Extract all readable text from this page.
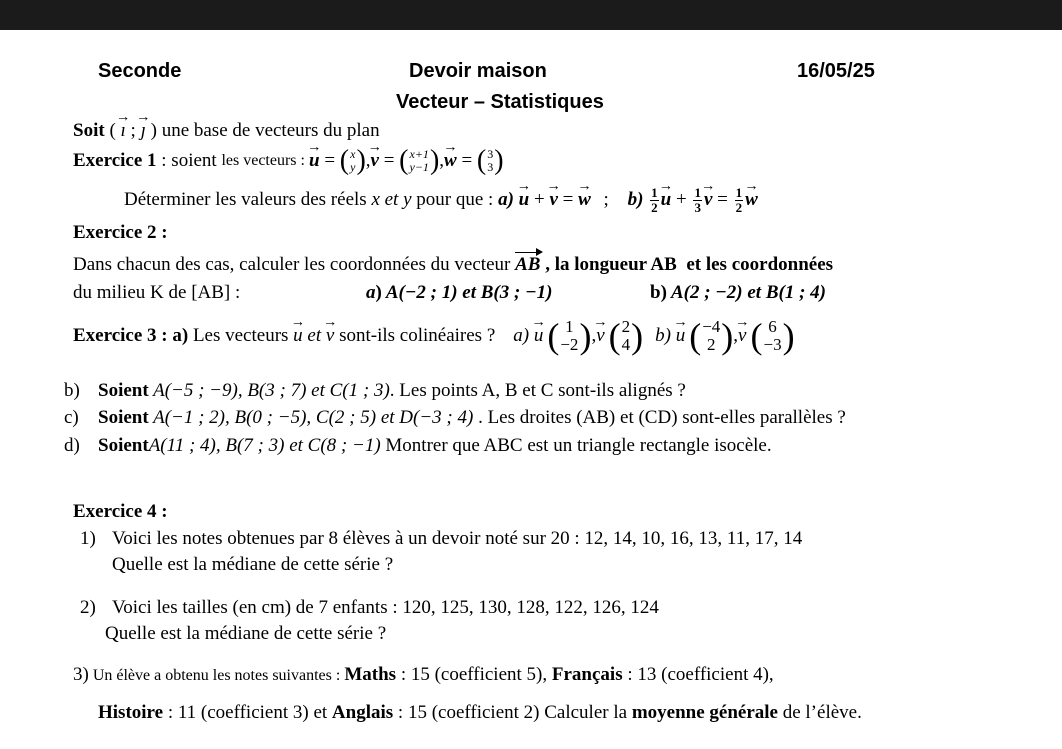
Seconde	Devoir maison	16/05/25
Vecteur – Statistiques
Soit ( → ı ; → ȷ ) une base de vecteurs du plan
Exercice 1 : soient les vecteurs :
→ u = ( x
y ) ,
→ v = ( x+1
y−1 ) ,
→ w = ( 3
3 )
Déterminer les valeurs des réels x et y pour que : a)

→ u +
→ v =
→ w ; b)
$\frac{1}{2}$
→ $u + \frac{1}{3}$
→ $v = \frac{1}{2}$
→ w
Exercice 2 :
Dans chacun des cas, calculer les coordonnées du vecteur AB , la longueur AB  et les coordonnées
du milieu K de [AB] :	a) A(−2 ; 1) et B(3 ; −1)	b) A(2 ; −2) et B(1 ; 4)
Exercice 3 : a) Les vecteurs
→ u et
→ v sont-ils colinéaires ? a)
→ u ( 1
−2 ) ,
→ v ( 2
4 ) b)
→ u ( −4
2 ) ,
→ v ( 6
−3 )
b) Soient A(−5 ; −9), B(3 ; 7) et C(1 ; 3). Les points A, B et C sont-ils alignés ?
c) Soient A(−1 ; 2), B(0 ; −5), C(2 ; 5) et D(−3 ; 4) . Les droites (AB) et (CD) sont-elles parallèles ?
d) SoientA(11 ; 4), B(7 ; 3) et C(8 ; −1) Montrer que ABC est un triangle rectangle isocèle.
Exercice 4 :
1) Voici les notes obtenues par 8 élèves à un devoir noté sur 20 : 12, 14, 10, 16, 13, 11, 17, 14
Quelle est la médiane de cette série ?
2) Voici les tailles (en cm) de 7 enfants : 120, 125, 130, 128, 122, 126, 124
Quelle est la médiane de cette série ?
3) Un élève a obtenu les notes suivantes : Maths : 15 (coefficient 5), Français : 13 (coefficient 4),
Histoire : 11 (coefficient 3) et Anglais : 15 (coefficient 2) Calculer la moyenne générale de l’élève.
